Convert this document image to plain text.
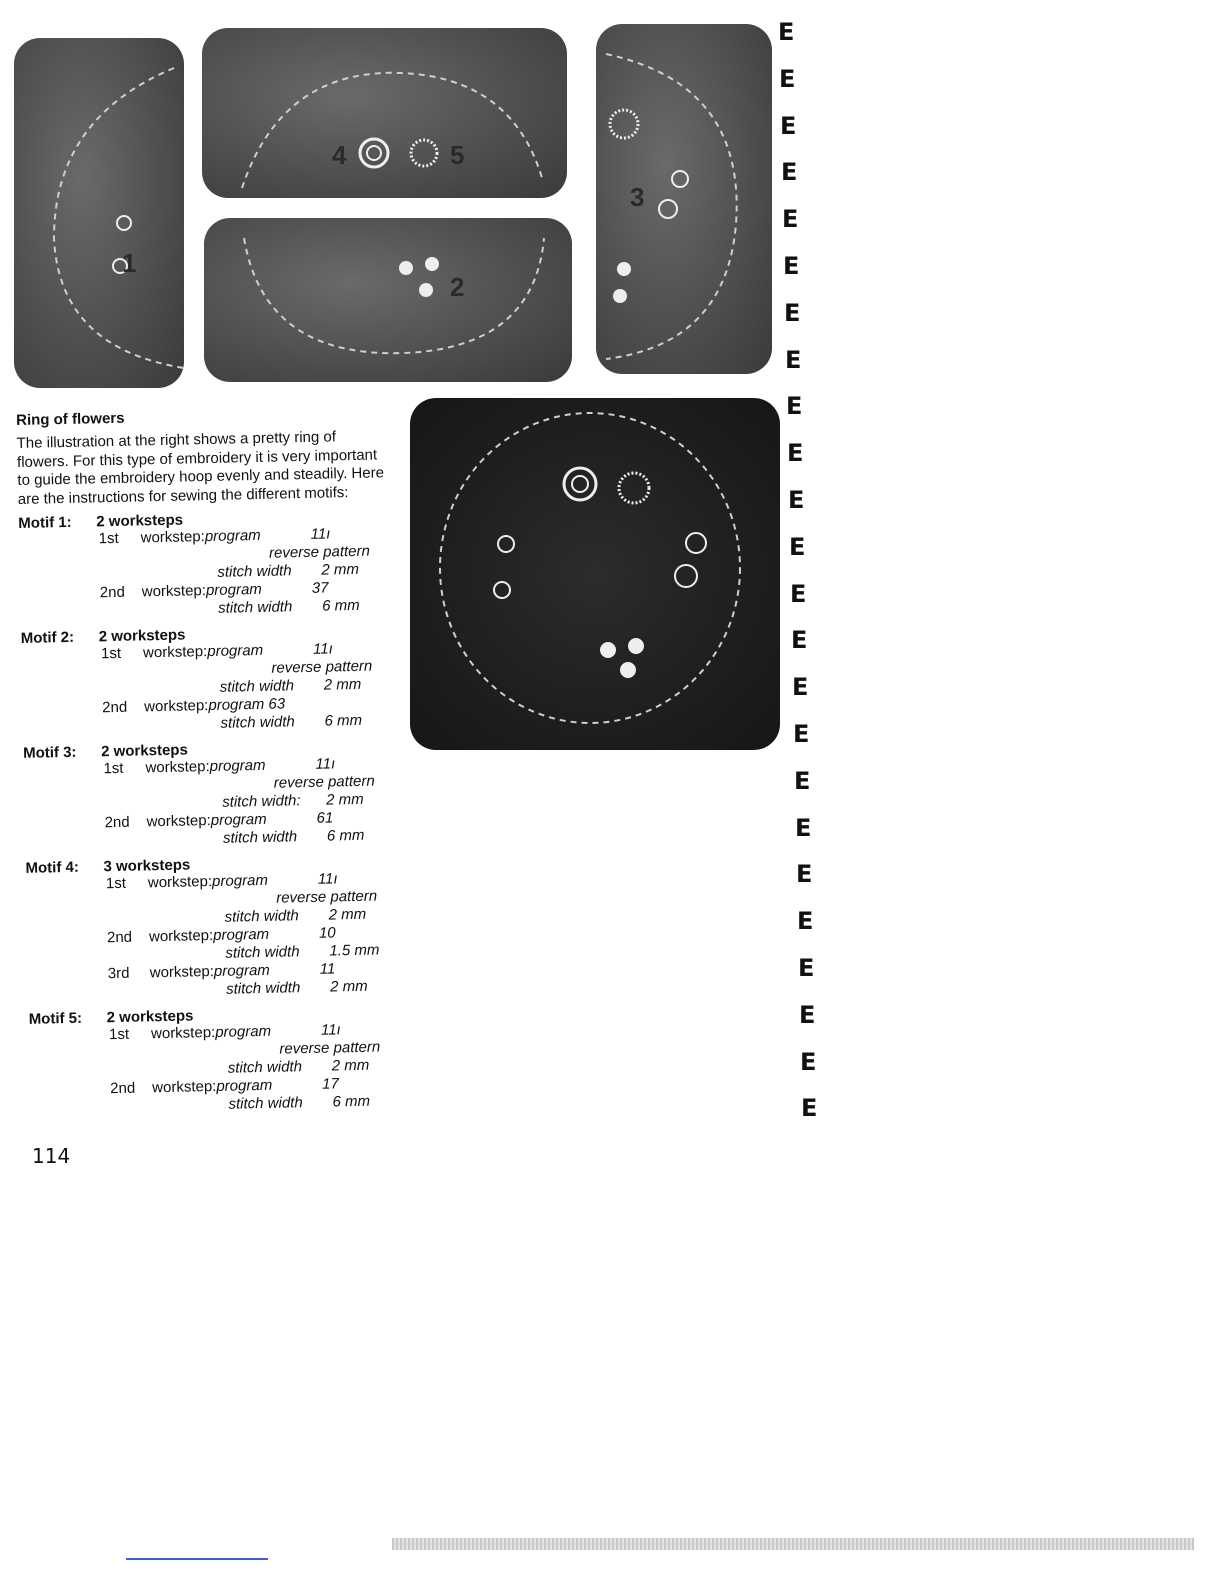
1
4	5
2
3
Ring of flowers
The illustration at the right shows a pretty ring of flowers. For this type of embroidery it is very important to guide the embroidery hoop evenly and steadily. Here are the instructions for sewing the different motifs:
Motif 1:	2 worksteps
1st workstep:program	11ı
reverse pattern
stitch width 2 mm
2nd workstep:program	37
stitch width 6 mm
Motif 2:	2 worksteps
1st workstep:program	11ı
reverse pattern
stitch width 2 mm
2nd workstep:program 63
stitch width 6 mm
Motif 3:	2 worksteps
1st workstep:program	11ı
reverse pattern
stitch width: 2 mm
2nd workstep:program	61
stitch width 6 mm
Motif 4:	3 worksteps
1st workstep:program	11ı
reverse pattern
stitch width 2 mm
2nd workstep:program	10
stitch width 1.5 mm
3rd workstep:program	11
stitch width 2 mm
Motif 5:	2 worksteps
1st workstep:program	11ı
reverse pattern
stitch width 2 mm
2nd workstep:program	17
stitch width 6 mm
114
E
E
E
E
E
E
E
E
E
E
E
E
E
E
E
E
E
E
E
E
E
E
E
E
